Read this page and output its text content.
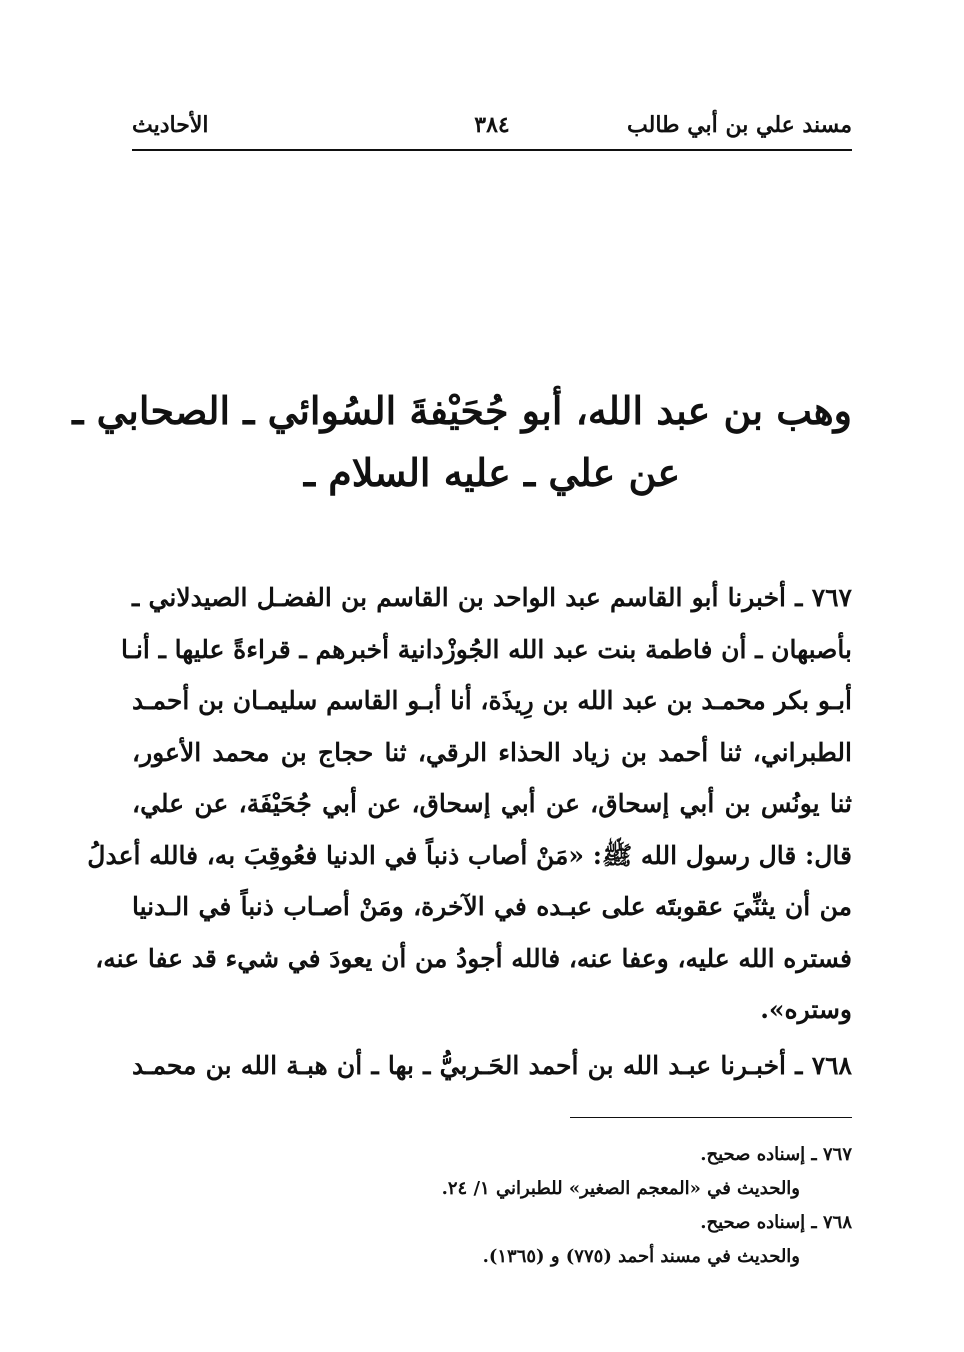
مسند علي بن أبي طالب
٣٨٤
الأحاديث
وهب بن عبد الله، أبو جُحَيْفةَ السُوائي ـ الصحابي ـ
عن علي ـ عليه السلام ـ
٧٦٧ ـ أخبرنا أبو القاسم عبد الواحد بن القاسم بن الفضـل الصيدلاني ـ
بأصبهان ـ أن فاطمة بنت عبد الله الجُوزْدانية أخبرهم ـ قراءةً عليها ـ أنـا
أبـو بكر محمـد بن عبد الله بن رِيذَة، أنا أبـو القاسم سليمـان بن أحمـد
الطبراني، ثنا أحمد بن زياد الحذاء الرقي، ثنا حجاج بن محمد الأعور،
ثنا يونُس بن أبي إسحاق، عن أبي إسحاق، عن أبي جُحَيْفَة، عن علي،
قال: قال رسول الله ﷺ: «مَنْ أصاب ذنباً في الدنيا فعُوقِبَ به، فالله أعدلُ
من أن يثنِّيَ عقوبتَه على عبـده في الآخرة، ومَنْ أصـاب ذنباً في الـدنيا
فستره الله عليه، وعفا عنه، فالله أجودُ من أن يعودَ في شيء قد عفا عنه،
وستره».
٧٦٨ ـ أخبـرنا عبـد الله بن أحمد الحَـربيُّ ـ بها ـ أن هبـة الله بن محمـد
٧٦٧ ـ إسناده صحيح.
والحديث في «المعجم الصغير» للطبراني ١/ ٢٤.
٧٦٨ ـ إسناده صحيح.
والحديث في مسند أحمد (٧٧٥) و (١٣٦٥).
